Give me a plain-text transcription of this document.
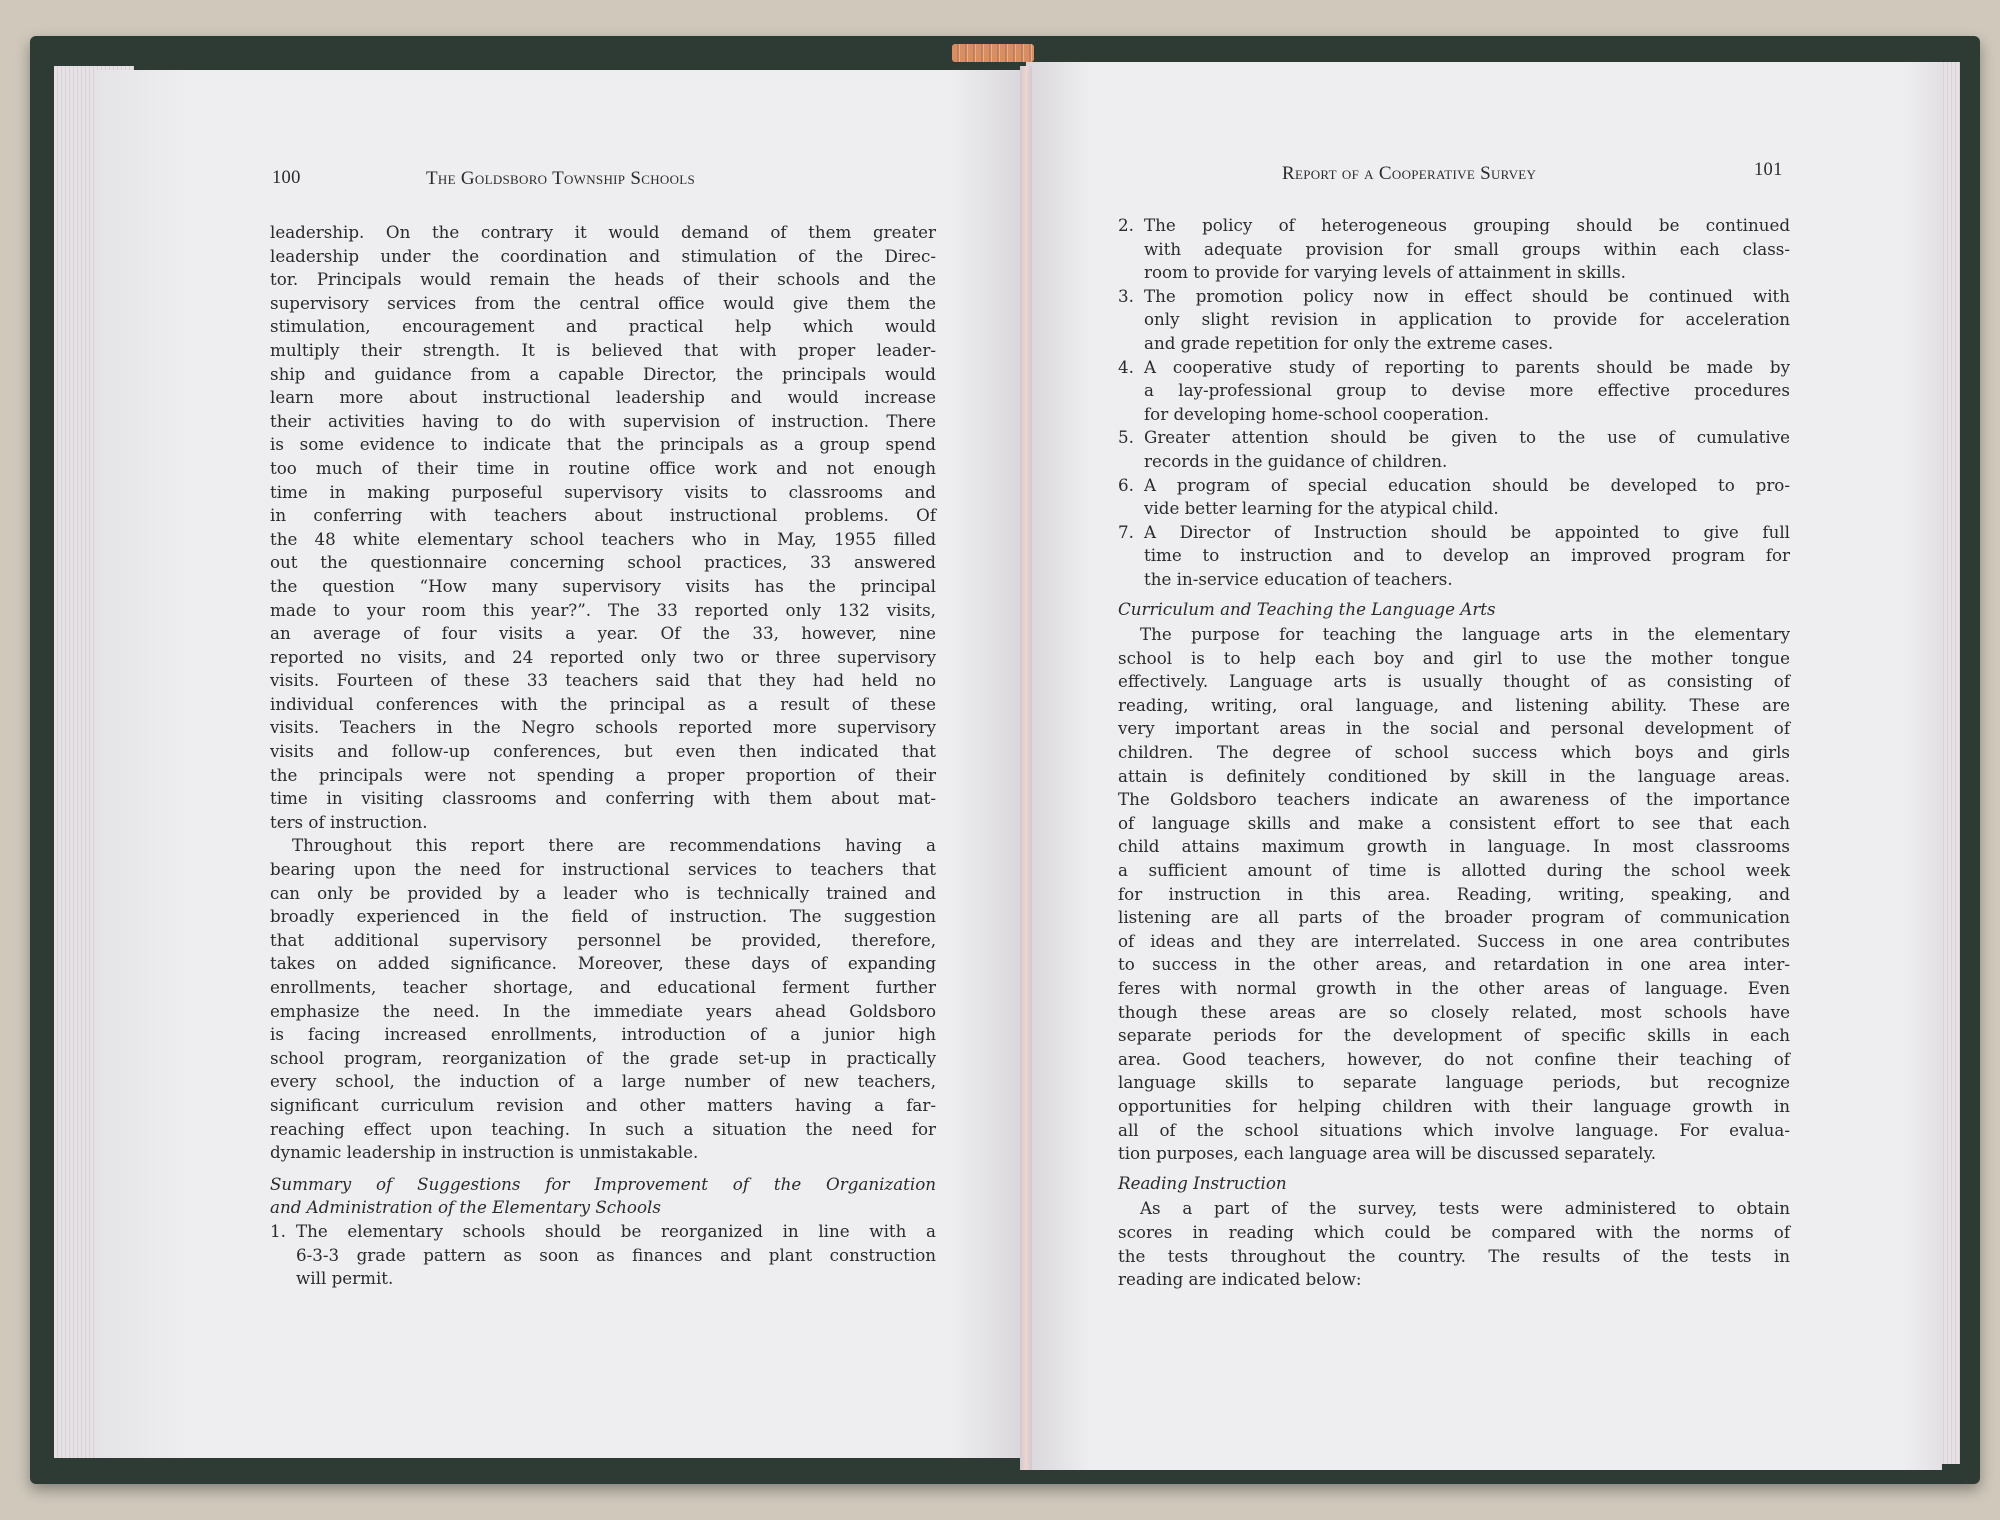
100	The Goldsboro Township Schools

leadership. On the contrary it would demand of them greater

leadership under the coordination and stimulation of the Direc-

tor. Principals would remain the heads of their schools and the

supervisory services from the central office would give them the

stimulation, encouragement and practical help which would

multiply their strength. It is believed that with proper leader-

ship and guidance from a capable Director, the principals would

learn more about instructional leadership and would increase

their activities having to do with supervision of instruction. There

is some evidence to indicate that the principals as a group spend

too much of their time in routine office work and not enough

time in making purposeful supervisory visits to classrooms and

in conferring with teachers about instructional problems. Of

the 48 white elementary school teachers who in May, 1955 filled

out the questionnaire concerning school practices, 33 answered

the question “How many supervisory visits has the principal

made to your room this year?”. The 33 reported only 132 visits,

an average of four visits a year. Of the 33, however, nine

reported no visits, and 24 reported only two or three supervisory

visits. Fourteen of these 33 teachers said that they had held no

individual conferences with the principal as a result of these

visits. Teachers in the Negro schools reported more supervisory

visits and follow-up conferences, but even then indicated that

the principals were not spending a proper proportion of their

time in visiting classrooms and conferring with them about mat-

ters of instruction.

Throughout this report there are recommendations having a

bearing upon the need for instructional services to teachers that

can only be provided by a leader who is technically trained and

broadly experienced in the field of instruction. The suggestion

that additional supervisory personnel be provided, therefore,

takes on added significance. Moreover, these days of expanding

enrollments, teacher shortage, and educational ferment further

emphasize the need. In the immediate years ahead Goldsboro

is facing increased enrollments, introduction of a junior high

school program, reorganization of the grade set-up in practically

every school, the induction of a large number of new teachers,

significant curriculum revision and other matters having a far-

reaching effect upon teaching. In such a situation the need for

dynamic leadership in instruction is unmistakable.

Summary of Suggestions for Improvement of the Organization

and Administration of the Elementary Schools

1. The elementary schools should be reorganized in line with a

6-3-3 grade pattern as soon as finances and plant construction

will permit.

Report of a Cooperative Survey	101
2. The policy of heterogeneous grouping should be continued

with adequate provision for small groups within each class-

room to provide for varying levels of attainment in skills.

3. The promotion policy now in effect should be continued with

only slight revision in application to provide for acceleration

and grade repetition for only the extreme cases.

4. A cooperative study of reporting to parents should be made by

a lay-professional group to devise more effective procedures

for developing home-school cooperation.

5. Greater attention should be given to the use of cumulative

records in the guidance of children.

6. A program of special education should be developed to pro-

vide better learning for the atypical child.

7. A Director of Instruction should be appointed to give full

time to instruction and to develop an improved program for

the in-service education of teachers.

Curriculum and Teaching the Language Arts

The purpose for teaching the language arts in the elementary

school is to help each boy and girl to use the mother tongue

effectively. Language arts is usually thought of as consisting of

reading, writing, oral language, and listening ability. These are

very important areas in the social and personal development of

children. The degree of school success which boys and girls

attain is definitely conditioned by skill in the language areas.

The Goldsboro teachers indicate an awareness of the importance

of language skills and make a consistent effort to see that each

child attains maximum growth in language. In most classrooms

a sufficient amount of time is allotted during the school week

for instruction in this area. Reading, writing, speaking, and

listening are all parts of the broader program of communication

of ideas and they are interrelated. Success in one area contributes

to success in the other areas, and retardation in one area inter-

feres with normal growth in the other areas of language. Even

though these areas are so closely related, most schools have

separate periods for the development of specific skills in each

area. Good teachers, however, do not confine their teaching of

language skills to separate language periods, but recognize

opportunities for helping children with their language growth in

all of the school situations which involve language. For evalua-

tion purposes, each language area will be discussed separately.

Reading Instruction

As a part of the survey, tests were administered to obtain

scores in reading which could be compared with the norms of

the tests throughout the country. The results of the tests in

reading are indicated below:
